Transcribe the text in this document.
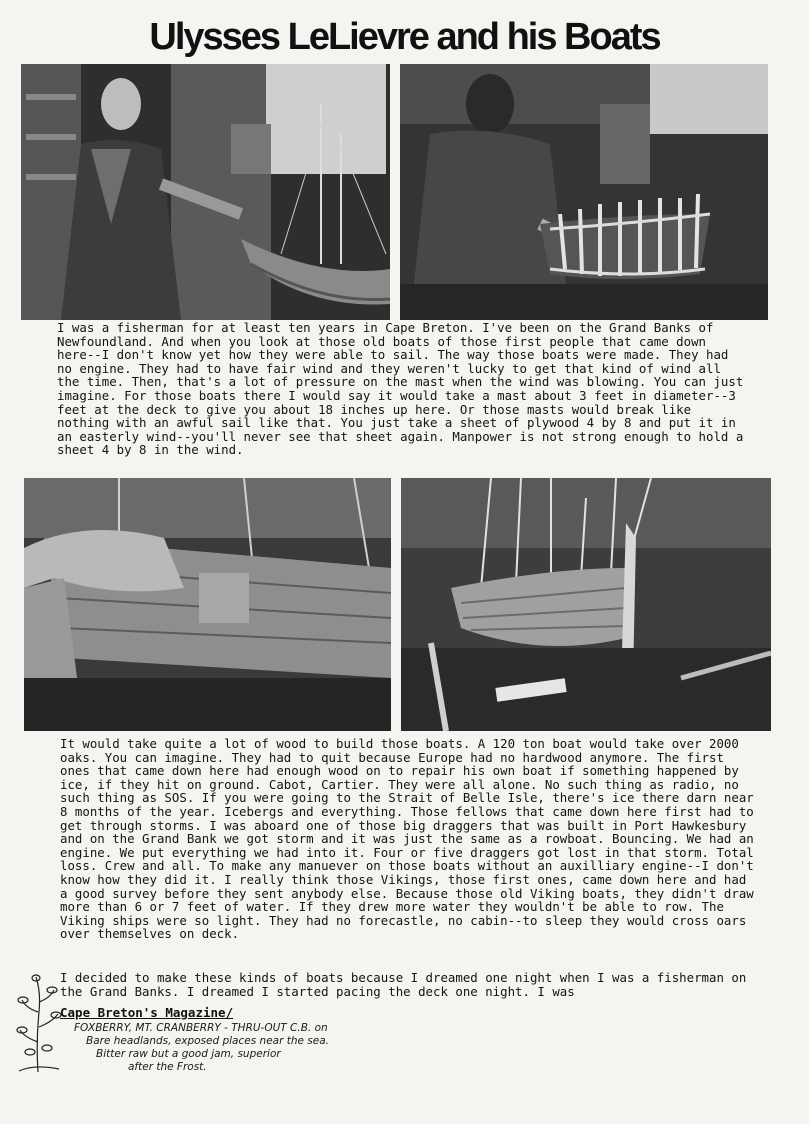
Ulysses LeLievre and his Boats
I was a fisherman for at least ten years in Cape Breton. I've been on the Grand Banks of Newfoundland. And when you look at those old boats of those first people that came down here--I don't know yet how they were able to sail. The way those boats were made. They had no engine. They had to have fair wind and they weren't lucky to get that kind of wind all the time. Then, that's a lot of pressure on the mast when the wind was blowing. You can just imagine. For those boats there I would say it would take a mast about 3 feet in diameter--3 feet at the deck to give you about 18 inches up here. Or those masts would break like nothing with an awful sail like that. You just take a sheet of plywood 4 by 8 and put it in an easterly wind--you'll never see that sheet again. Manpower is not strong enough to hold a sheet 4 by 8 in the wind.
It would take quite a lot of wood to build those boats. A 120 ton boat would take over 2000 oaks. You can imagine. They had to quit because Europe had no hardwood anymore. The first ones that came down here had enough wood on to repair his own boat if something happened by ice, if they hit on ground. Cabot, Cartier. They were all alone. No such thing as radio, no such thing as SOS. If you were going to the Strait of Belle Isle, there's ice there darn near 8 months of the year. Icebergs and everything. Those fellows that came down here first had to get through storms. I was aboard one of those big draggers that was built in Port Hawkesbury and on the Grand Bank we got storm and it was just the same as a rowboat. Bouncing. We had an engine. We put everything we had into it. Four or five draggers got lost in that storm. Total loss. Crew and all. To make any manuever on those boats without an auxilliary engine--I don't know how they did it. I really think those Vikings, those first ones, came down here and had a good survey before they sent anybody else. Because those old Viking boats, they didn't draw more than 6 or 7 feet of water. If they drew more water they wouldn't be able to row. The Viking ships were so light. They had no forecastle, no cabin--to sleep they would cross oars over themselves on deck.
I decided to make these kinds of boats because I dreamed one night when I was a fisherman on the Grand Banks. I dreamed I started pacing the deck one night. I was
Cape Breton's Magazine/
FOXBERRY, MT. CRANBERRY - THRU-OUT C.B. on
Bare headlands, exposed places near the sea.
Bitter raw but a good jam, superior
after the Frost.
